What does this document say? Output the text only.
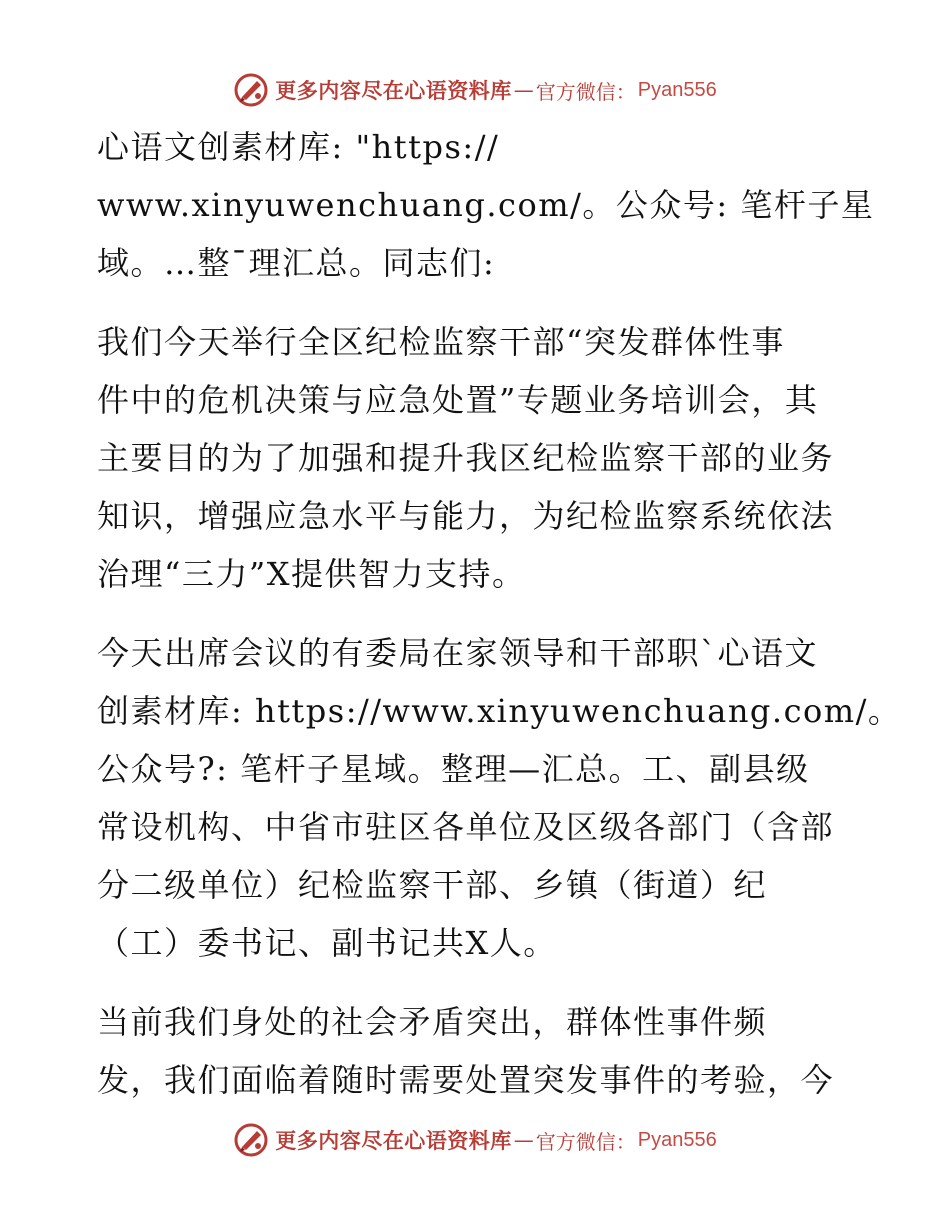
更多内容尽在心语资料库 — 官方微信： Pyan556
心语文创素材库: "https://
www.xinyuwenchuang.com/。公众号: 笔杆子星
域。…整¯理汇总。同志们:
我们今天举行全区纪检监察干部“突发群体性事
件中的危机决策与应急处置”专题业务培训会，其
主要目的为了加强和提升我区纪检监察干部的业务
知识，增强应急水平与能力，为纪检监察系统依法
治理“三力”X提供智力支持。
今天出席会议的有委局在家领导和干部职ˋ心语文
创素材库: https://www.xinyuwenchuang.com/。
公众号?: 笔杆子星域。整理—汇总。工、副县级
常设机构、中省市驻区各单位及区级各部门（含部
分二级单位）纪检监察干部、乡镇（街道）纪
（工）委书记、副书记共X人。
当前我们身处的社会矛盾突出，群体性事件频
发，我们面临着随时需要处置突发事件的考验，今
更多内容尽在心语资料库 — 官方微信： Pyan556
